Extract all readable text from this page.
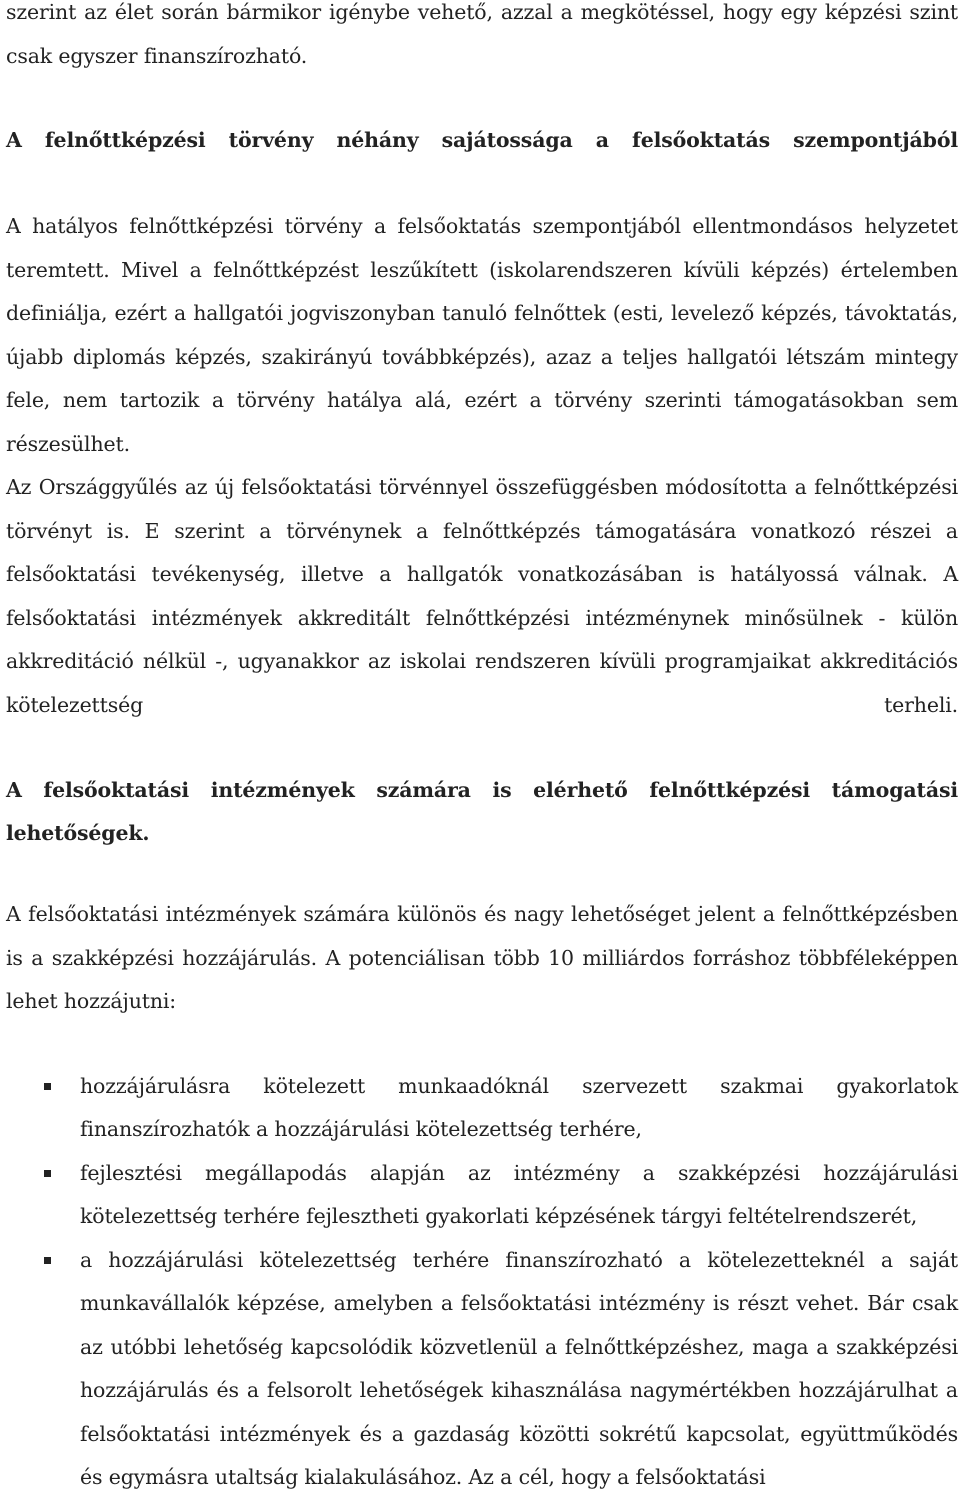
szerint az élet során bármikor igénybe vehető, azzal a megkötéssel, hogy egy képzési szint csak egyszer finanszírozható.

A felnőttképzési törvény néhány sajátossága a felsőoktatás szempontjából

A hatályos felnőttképzési törvény a felsőoktatás szempontjából ellentmondásos helyzetet teremtett. Mivel a felnőttképzést leszűkített (iskolarendszeren kívüli képzés) értelemben definiálja, ezért a hallgatói jogviszonyban tanuló felnőttek (esti, levelező képzés, távoktatás, újabb diplomás képzés, szakirányú továbbképzés), azaz a teljes hallgatói létszám mintegy fele, nem tartozik a törvény hatálya alá, ezért a törvény szerinti támogatásokban sem részesülhet.

Az Országgyűlés az új felsőoktatási törvénnyel összefüggésben módosította a felnőttképzési törvényt is. E szerint a törvénynek a felnőttképzés támogatására vonatkozó részei a felsőoktatási tevékenység, illetve a hallgatók vonatkozásában is hatályossá válnak. A felsőoktatási intézmények akkreditált felnőttképzési intézménynek minősülnek - külön akkreditáció nélkül -, ugyanakkor az iskolai rendszeren kívüli programjaikat akkreditációs kötelezettség terheli.

A felsőoktatási intézmények számára is elérhető felnőttképzési támogatási lehetőségek.

A felsőoktatási intézmények számára különös és nagy lehetőséget jelent a felnőttképzésben is a szakképzési hozzájárulás. A potenciálisan több 10 milliárdos forráshoz többféleképpen lehet hozzájutni:

hozzájárulásra kötelezett munkaadóknál szervezett szakmai gyakorlatok finanszírozhatók a hozzájárulási kötelezettség terhére,
fejlesztési megállapodás alapján az intézmény a szakképzési hozzájárulási kötelezettség terhére fejlesztheti gyakorlati képzésének tárgyi feltételrendszerét,
a hozzájárulási kötelezettség terhére finanszírozható a kötelezetteknél a saját munkavállalók képzése, amelyben a felsőoktatási intézmény is részt vehet. Bár csak az utóbbi lehetőség kapcsolódik közvetlenül a felnőttképzéshez, maga a szakképzési hozzájárulás és a felsorolt lehetőségek kihasználása nagymértékben hozzájárulhat a felsőoktatási intézmények és a gazdaság közötti sokrétű kapcsolat, együttműködés és egymásra utaltság kialakulásához. Az a cél, hogy a felsőoktatási
